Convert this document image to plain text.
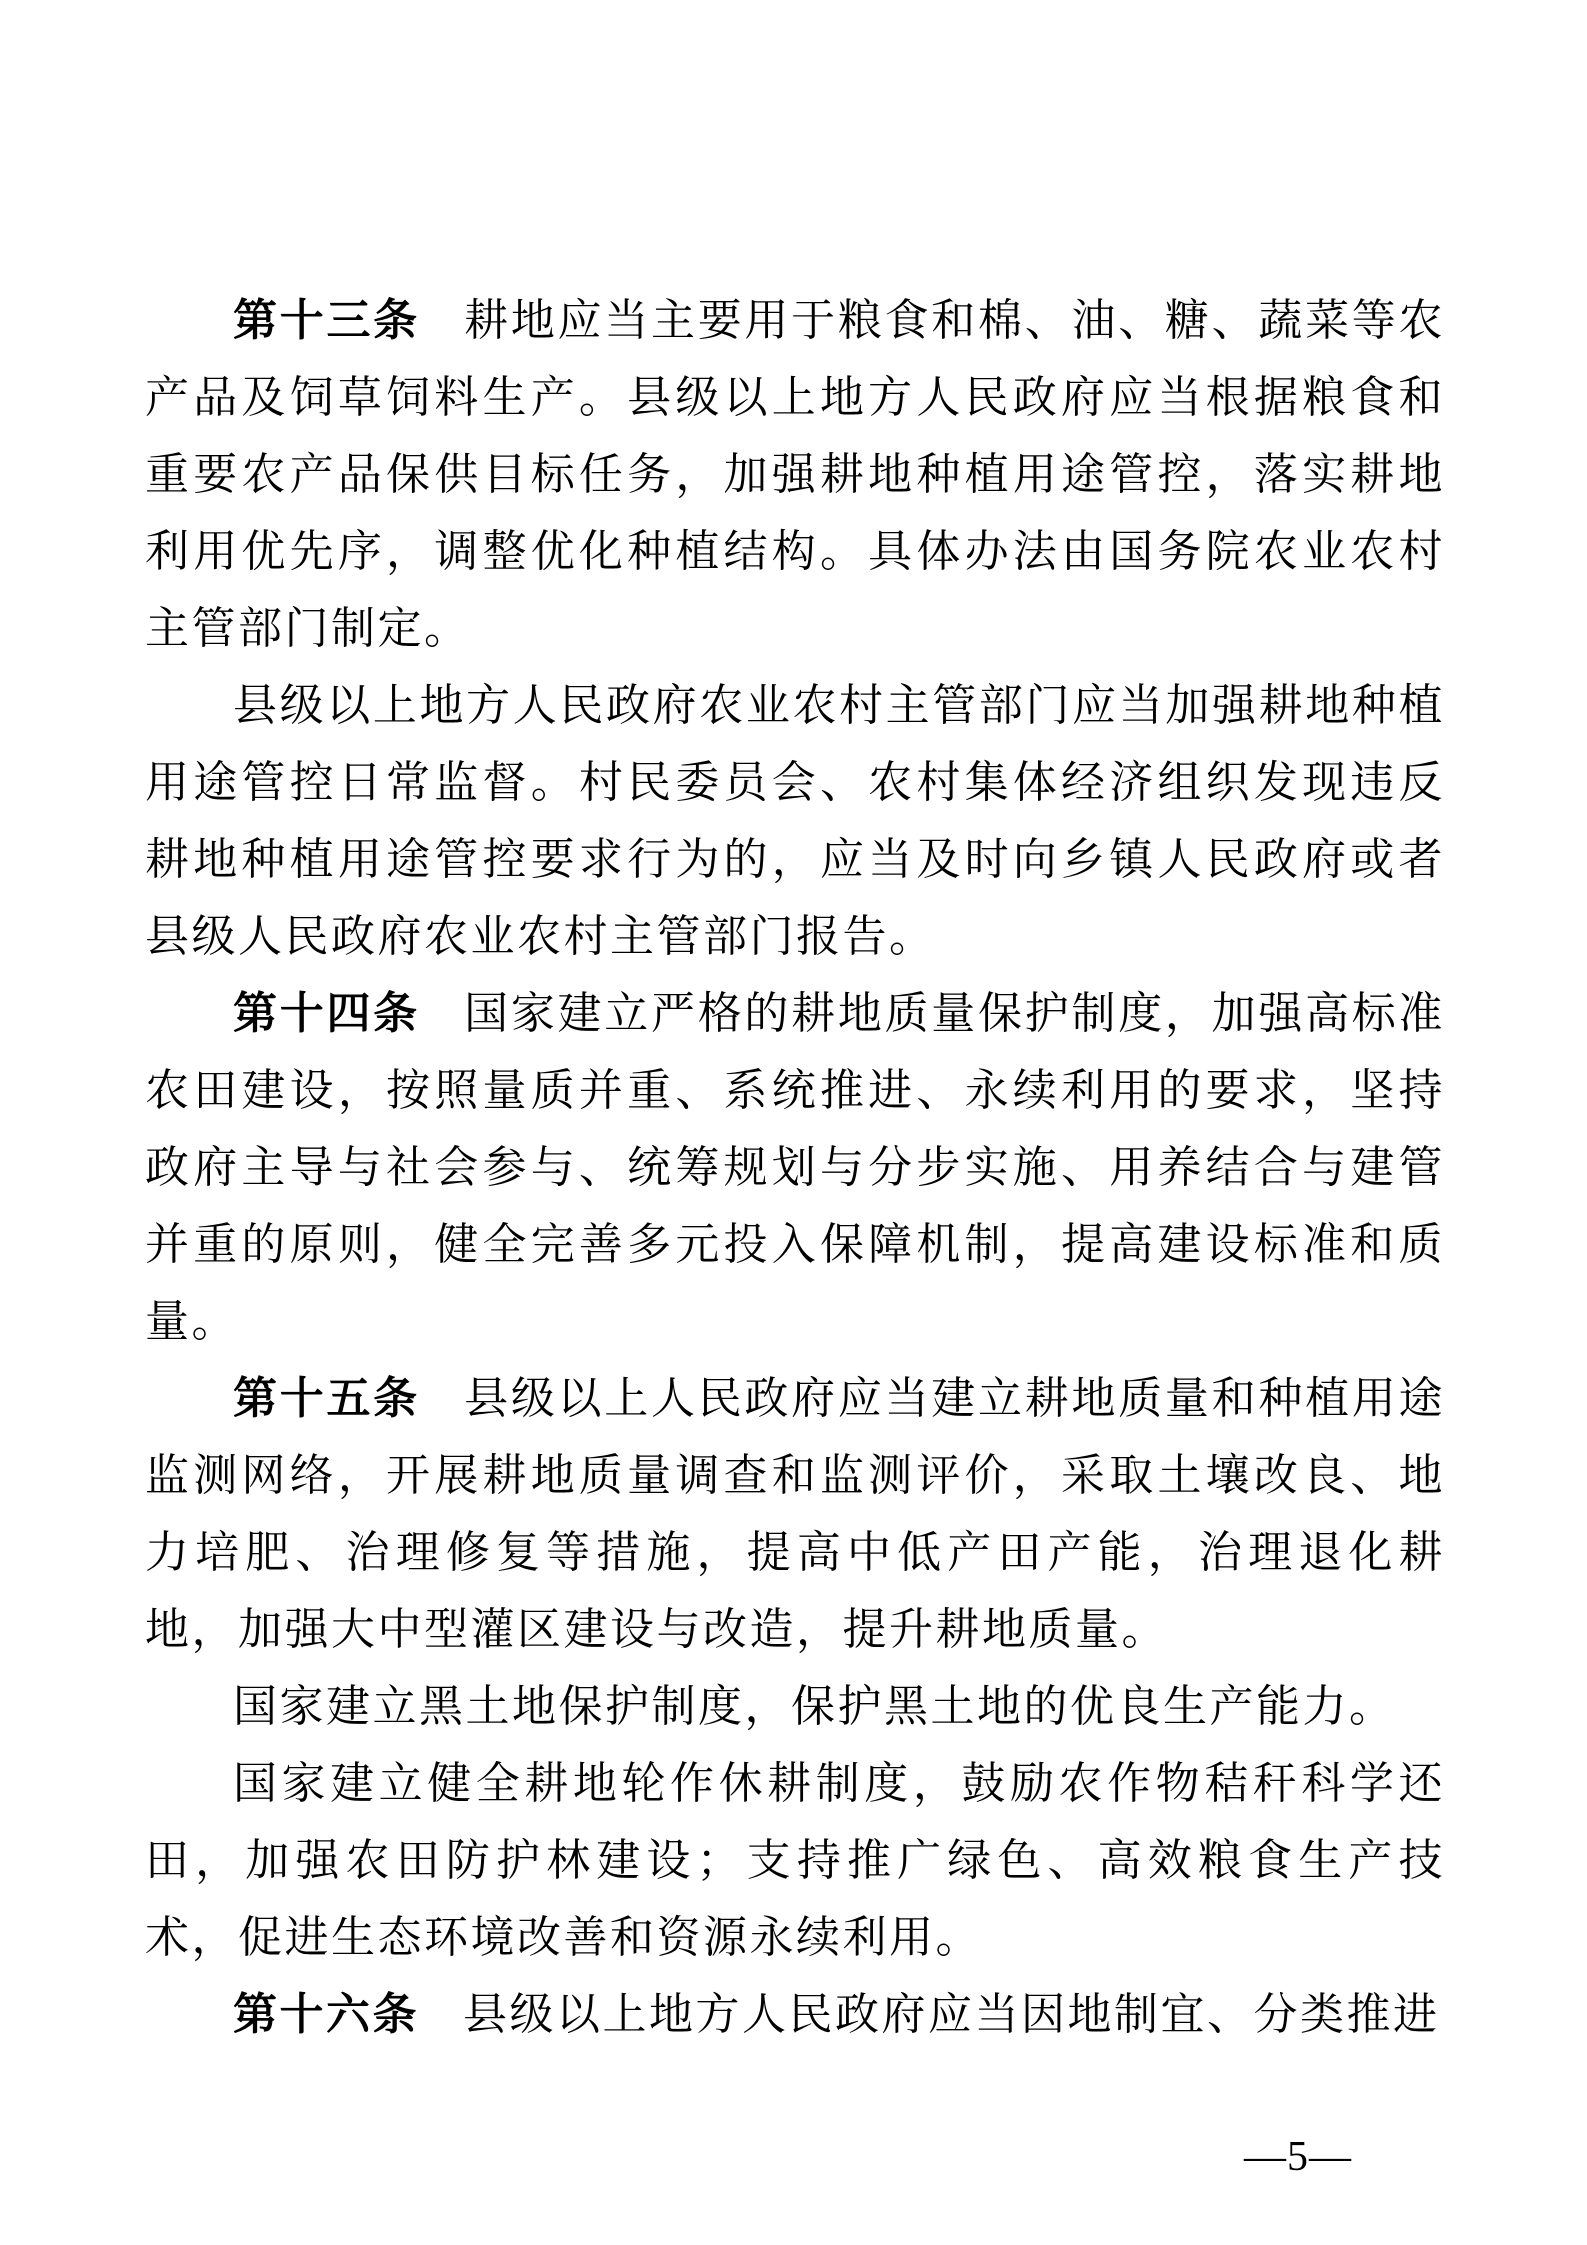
第十三条 耕地应当主要用于粮食和棉、油、糖、蔬菜等农产品及饲草饲料生产。县级以上地方人民政府应当根据粮食和重要农产品保供目标任务，加强耕地种植用途管控，落实耕地利用优先序，调整优化种植结构。具体办法由国务院农业农村主管部门制定。

县级以上地方人民政府农业农村主管部门应当加强耕地种植用途管控日常监督。村民委员会、农村集体经济组织发现违反耕地种植用途管控要求行为的，应当及时向乡镇人民政府或者县级人民政府农业农村主管部门报告。

第十四条 国家建立严格的耕地质量保护制度，加强高标准农田建设，按照量质并重、系统推进、永续利用的要求，坚持政府主导与社会参与、统筹规划与分步实施、用养结合与建管并重的原则，健全完善多元投入保障机制，提高建设标准和质量。

第十五条 县级以上人民政府应当建立耕地质量和种植用途监测网络，开展耕地质量调查和监测评价，采取土壤改良、地力培肥、治理修复等措施，提高中低产田产能，治理退化耕地，加强大中型灌区建设与改造，提升耕地质量。

国家建立黑土地保护制度，保护黑土地的优良生产能力。

国家建立健全耕地轮作休耕制度，鼓励农作物秸秆科学还田，加强农田防护林建设；支持推广绿色、高效粮食生产技术，促进生态环境改善和资源永续利用。

第十六条 县级以上地方人民政府应当因地制宜、分类推进

—5—
